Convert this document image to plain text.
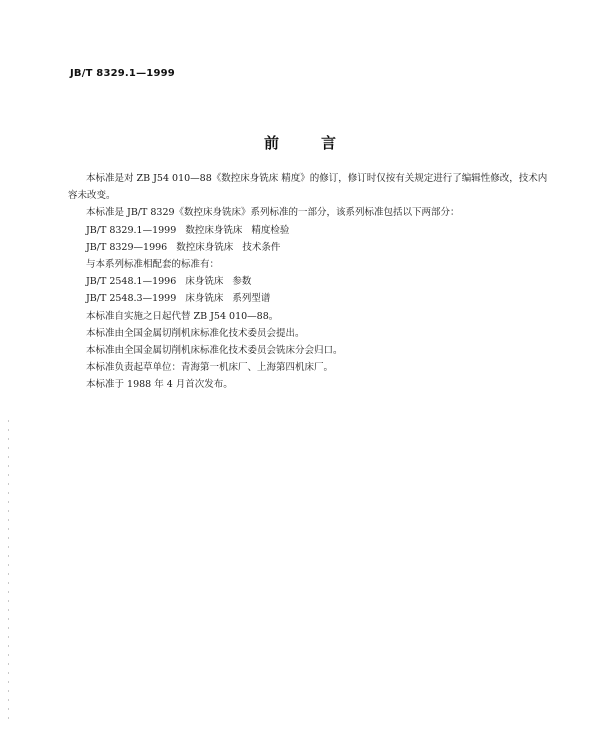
JB/T 8329.1—1999
前言

本标准是对 ZB J54 010—88《数控床身铣床 精度》的修订，修订时仅按有关规定进行了编辑性修改，技术内容未改变。

本标准是 JB/T 8329《数控床身铣床》系列标准的一部分，该系列标准包括以下两部分：

JB/T 8329.1—1999   数控床身铣床   精度检验

JB/T 8329—1996   数控床身铣床   技术条件

与本系列标准相配套的标准有：

JB/T 2548.1—1996   床身铣床   参数

JB/T 2548.3—1999   床身铣床   系列型谱

本标准自实施之日起代替 ZB J54 010—88。

本标准由全国金属切削机床标准化技术委员会提出。

本标准由全国金属切削机床标准化技术委员会铣床分会归口。

本标准负责起草单位：青海第一机床厂、上海第四机床厂。

本标准于 1988 年 4 月首次发布。
